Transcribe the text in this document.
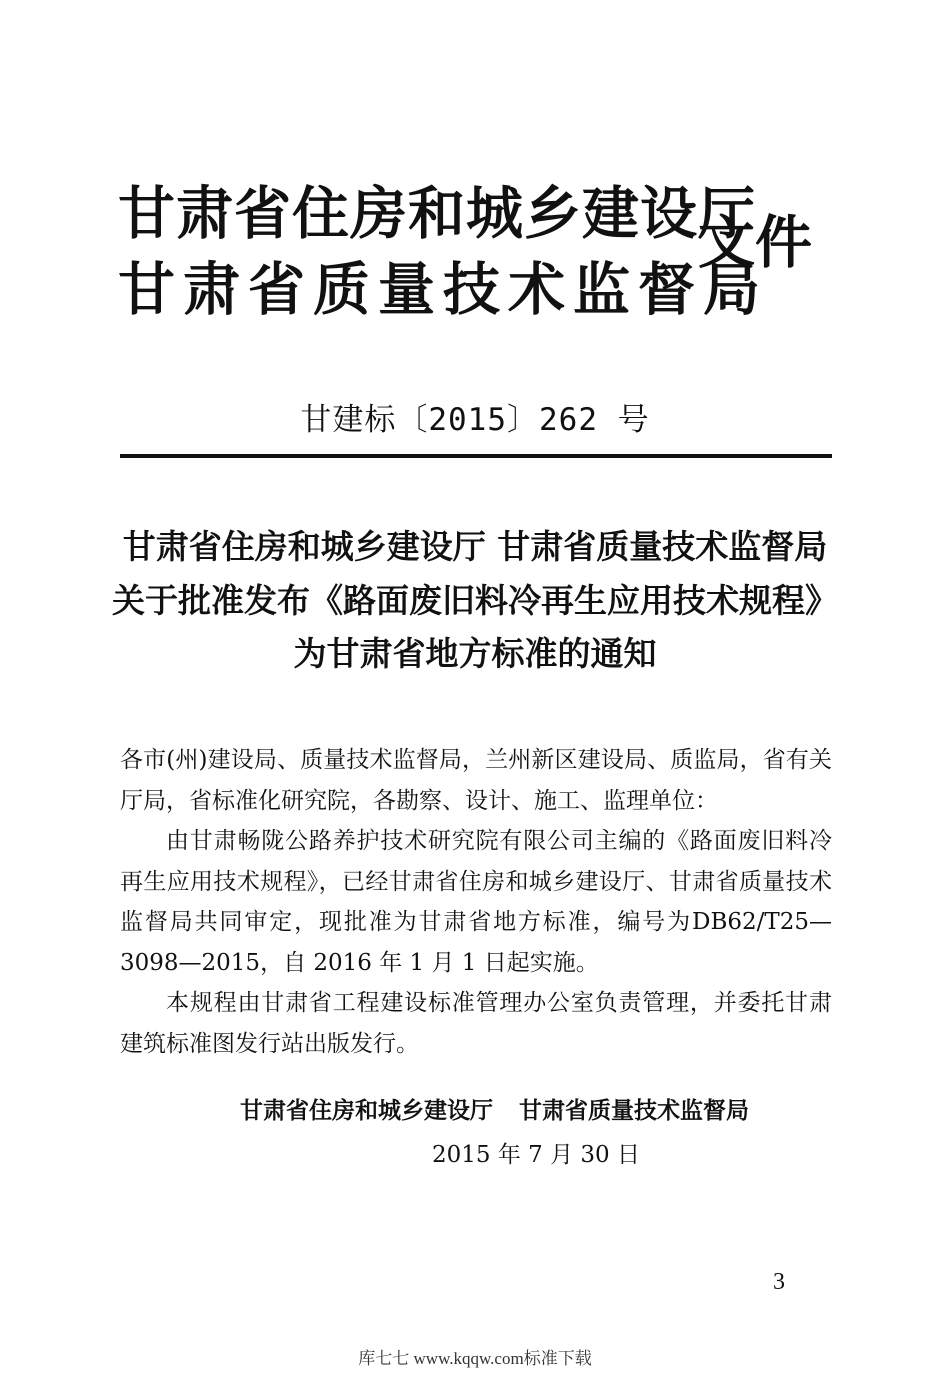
甘肃省住房和城乡建设厅
甘肃省质量技术监督局
文件
甘建标〔2015〕262 号
甘肃省住房和城乡建设厅 甘肃省质量技术监督局
关于批准发布《路面废旧料冷再生应用技术规程》
为甘肃省地方标准的通知

各市(州)建设局、质量技术监督局，兰州新区建设局、质监局，省有关厅局，省标准化研究院，各勘察、设计、施工、监理单位：

由甘肃畅陇公路养护技术研究院有限公司主编的《路面废旧料冷再生应用技术规程》，已经甘肃省住房和城乡建设厅、甘肃省质量技术监督局共同审定，现批准为甘肃省地方标准，编号为DB62/T25—3098—2015，自 2016 年 1 月 1 日起实施。

本规程由甘肃省工程建设标准管理办公室负责管理，并委托甘肃建筑标准图发行站出版发行。

甘肃省住房和城乡建设厅 甘肃省质量技术监督局
2015 年 7 月 30 日
3
库七七 www.kqqw.com标准下载
